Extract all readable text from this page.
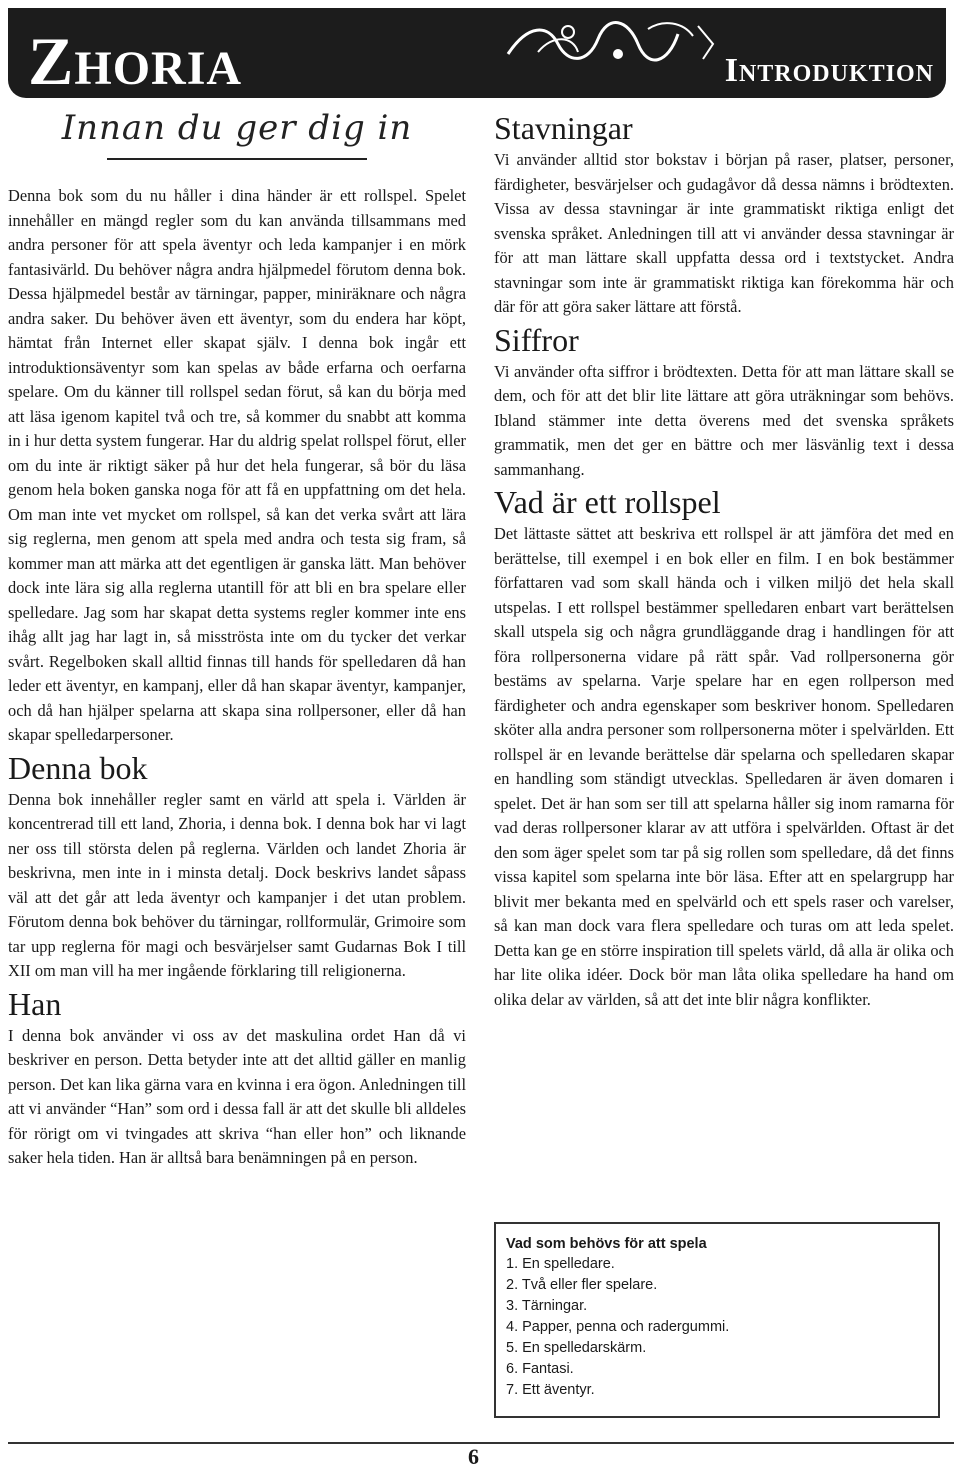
Zhoria	Introduktion
Innan du ger dig in

Denna bok som du nu håller i dina händer är ett rollspel. Spelet innehåller en mängd regler som du kan använda tillsammans med andra personer för att spela äventyr och leda kampanjer i en mörk fantasivärld. Du behöver några andra hjälpmedel förutom denna bok. Dessa hjälpmedel består av tärningar, papper, miniräknare och några andra saker. Du behöver även ett äventyr, som du endera har köpt, hämtat från Internet eller skapat själv. I denna bok ingår ett introduktionsäventyr som kan spelas av både erfarna och oerfarna spelare. Om du känner till rollspel sedan förut, så kan du börja med att läsa igenom kapitel två och tre, så kommer du snabbt att komma in i hur detta system fungerar. Har du aldrig spelat rollspel förut, eller om du inte är riktigt säker på hur det hela fungerar, så bör du läsa genom hela boken ganska noga för att få en uppfattning om det hela. Om man inte vet mycket om rollspel, så kan det verka svårt att lära sig reglerna, men genom att spela med andra och testa sig fram, så kommer man att märka att det egentligen är ganska lätt. Man behöver dock inte lära sig alla reglerna utantill för att bli en bra spelare eller spelledare. Jag som har skapat detta systems regler kommer inte ens ihåg allt jag har lagt in, så misströsta inte om du tycker det verkar svårt. Regelboken skall alltid finnas till hands för spelledaren då han leder ett äventyr, en kampanj, eller då han skapar äventyr, kampanjer, och då han hjälper spelarna att skapa sina rollpersoner, eller då han skapar spelledarpersoner.

Denna bok

Denna bok innehåller regler samt en värld att spela i. Världen är koncentrerad till ett land, Zhoria, i denna bok. I denna bok har vi lagt ner oss till största delen på reglerna. Världen och landet Zhoria är beskrivna, men inte in i minsta detalj. Dock beskrivs landet såpass väl att det går att leda äventyr och kampanjer i det utan problem. Förutom denna bok behöver du tärningar, rollformulär, Grimoire som tar upp reglerna för magi och besvärjelser samt Gudarnas Bok I till XII om man vill ha mer ingående förklaring till religionerna.

Han

I denna bok använder vi oss av det maskulina ordet Han då vi beskriver en person. Detta betyder inte att det alltid gäller en manlig person. Det kan lika gärna vara en kvinna i era ögon. Anledningen till att vi använder “Han” som ord i dessa fall är att det skulle bli alldeles för rörigt om vi tvingades att skriva “han eller hon” och liknande saker hela tiden. Han är alltså bara benämningen på en person.

Stavningar

Vi använder alltid stor bokstav i början på raser, platser, personer, färdigheter, besvärjelser och gudagåvor då dessa nämns i brödtexten. Vissa av dessa stavningar är inte grammatiskt riktiga enligt det svenska språket. Anledningen till att vi använder dessa stavningar är för att man lättare skall uppfatta dessa ord i textstycket. Andra stavningar som inte är grammatiskt riktiga kan förekomma här och där för att göra saker lättare att förstå.

Siffror

Vi använder ofta siffror i brödtexten. Detta för att man lättare skall se dem, och för att det blir lite lättare att göra uträkningar som behövs. Ibland stämmer inte detta överens med det svenska språkets grammatik, men det ger en bättre och mer läsvänlig text i dessa sammanhang.

Vad är ett rollspel

Det lättaste sättet att beskriva ett rollspel är att jämföra det med en berättelse, till exempel i en bok eller en film. I en bok bestämmer författaren vad som skall hända och i vilken miljö det hela skall utspelas. I ett rollspel bestämmer spelledaren enbart vart berättelsen skall utspela sig och några grundläggande drag i handlingen för att föra rollpersonerna vidare på rätt spår. Vad rollpersonerna gör bestäms av spelarna. Varje spelare har en egen rollperson med färdigheter och andra egenskaper som beskriver honom. Spelledaren sköter alla andra personer som rollpersonerna möter i spelvärlden. Ett rollspel är en levande berättelse där spelarna och spelledaren skapar en handling som ständigt utvecklas. Spelledaren är även domaren i spelet. Det är han som ser till att spelarna håller sig inom ramarna för vad deras rollpersoner klarar av att utföra i spelvärlden. Oftast är det den som äger spelet som tar på sig rollen som spelledare, då det finns vissa kapitel som spelarna inte bör läsa. Efter att en spelargrupp har blivit mer bekanta med en spelvärld och ett spels raser och varelser, så kan man dock vara flera spelledare och turas om att leda spelet. Detta kan ge en större inspiration till spelets värld, då alla är olika och har lite olika idéer. Dock bör man låta olika spelledare ha hand om olika delar av världen, så att det inte blir några konflikter.

Vad som behövs för att spela
1. En spelledare.
2. Två eller fler spelare.
3. Tärningar.
4. Papper, penna och radergummi.
5. En spelledarskärm.
6. Fantasi.
7. Ett äventyr.
6
